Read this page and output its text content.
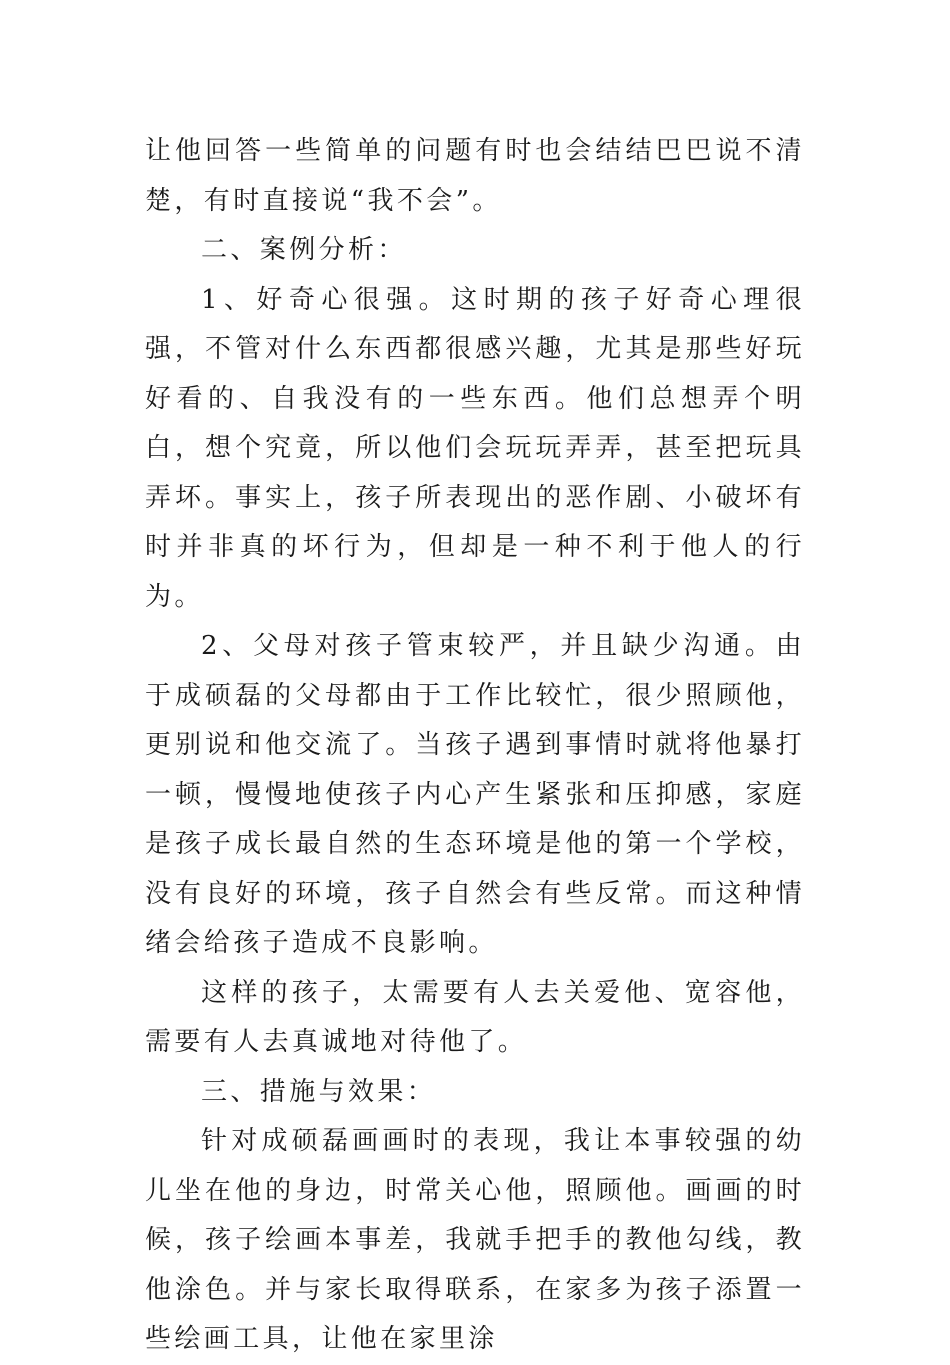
让他回答一些简单的问题有时也会结结巴巴说不清楚，有时直接说“我不会”。

二、案例分析：

1、好奇心很强。这时期的孩子好奇心理很强，不管对什么东西都很感兴趣，尤其是那些好玩好看的、自我没有的一些东西。他们总想弄个明白，想个究竟，所以他们会玩玩弄弄，甚至把玩具弄坏。事实上，孩子所表现出的恶作剧、小破坏有时并非真的坏行为，但却是一种不利于他人的行为。

2、父母对孩子管束较严，并且缺少沟通。由于成硕磊的父母都由于工作比较忙，很少照顾他，更别说和他交流了。当孩子遇到事情时就将他暴打一顿，慢慢地使孩子内心产生紧张和压抑感，家庭是孩子成长最自然的生态环境是他的第一个学校，没有良好的环境，孩子自然会有些反常。而这种情绪会给孩子造成不良影响。

这样的孩子，太需要有人去关爱他、宽容他，需要有人去真诚地对待他了。

三、措施与效果：

针对成硕磊画画时的表现，我让本事较强的幼儿坐在他的身边，时常关心他，照顾他。画画的时候，孩子绘画本事差，我就手把手的教他勾线，教他涂色。并与家长取得联系，在家多为孩子添置一些绘画工具，让他在家里涂
